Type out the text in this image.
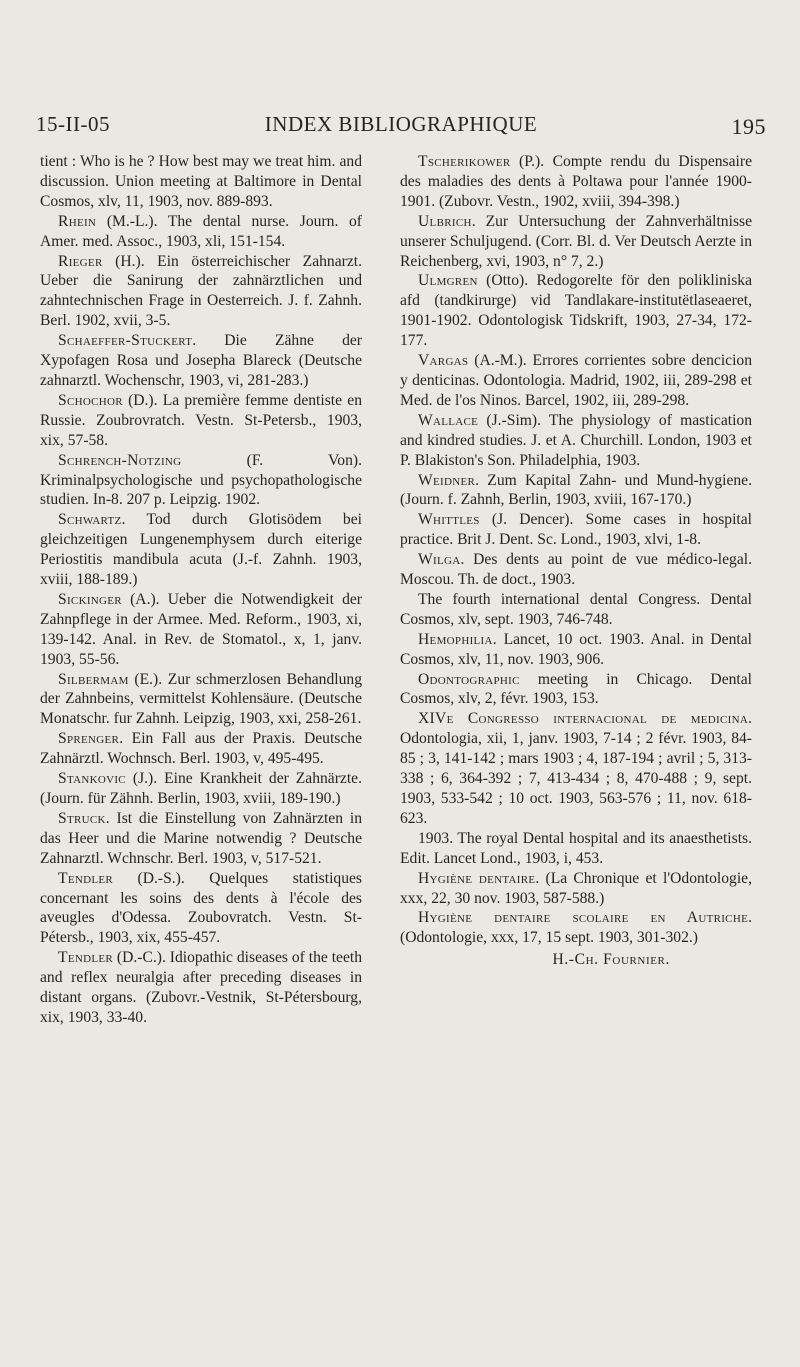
15-II-05	INDEX BIBLIOGRAPHIQUE	195

tient : Who is he ? How best may we treat him. and discussion. Union meeting at Baltimore in Dental Cosmos, xlv, 11, 1903, nov. 889-893.

Rhein (M.-L.). The dental nurse. Journ. of Amer. med. Assoc., 1903, xli, 151-154.

Rieger (H.). Ein österreichischer Zahnarzt. Ueber die Sanirung der zahnärztlichen und zahntechnischen Frage in Oesterreich. J. f. Zahnh. Berl. 1902, xvii, 3-5.

Schaeffer-Stuckert. Die Zähne der Xypofagen Rosa und Josepha Blareck (Deutsche zahnarztl. Wochenschr, 1903, vi, 281-283.)

Schochor (D.). La première femme dentiste en Russie. Zoubrovratch. Vestn. St-Petersb., 1903, xix, 57-58.

Schrench-Notzing (F. Von). Kriminalpsychologische und psychopathologische studien. In-8. 207 p. Leipzig. 1902.

Schwartz. Tod durch Glotisödem bei gleichzeitigen Lungenemphysem durch eiterige Periostitis mandibula acuta (J.-f. Zahnh. 1903, xviii, 188-189.)

Sickinger (A.). Ueber die Notwendigkeit der Zahnpflege in der Armee. Med. Reform., 1903, xi, 139-142. Anal. in Rev. de Stomatol., x, 1, janv. 1903, 55-56.

Silbermam (E.). Zur schmerzlosen Behandlung der Zahnbeins, vermittelst Kohlensäure. (Deutsche Monatschr. fur Zahnh. Leipzig, 1903, xxi, 258-261.

Sprenger. Ein Fall aus der Praxis. Deutsche Zahnärztl. Wochnsch. Berl. 1903, v, 495-495.

Stankovic (J.). Eine Krankheit der Zahnärzte. (Journ. für Zähnh. Berlin, 1903, xviii, 189-190.)

Struck. Ist die Einstellung von Zahnärzten in das Heer und die Marine notwendig ? Deutsche Zahnarztl. Wchnschr. Berl. 1903, v, 517-521.

Tendler (D.-S.). Quelques statistiques concernant les soins des dents à l'école des aveugles d'Odessa. Zoubovratch. Vestn. St-Pétersb., 1903, xix, 455-457.

Tendler (D.-C.). Idiopathic diseases of the teeth and reflex neuralgia after preceding diseases in distant organs. (Zubovr.-Vestnik, St-Pétersbourg, xix, 1903, 33-40.

Tscherikower (P.). Compte rendu du Dispensaire des maladies des dents à Poltawa pour l'année 1900-1901. (Zubovr. Vestn., 1902, xviii, 394-398.)

Ulbrich. Zur Untersuchung der Zahnverhältnisse unserer Schuljugend. (Corr. Bl. d. Ver Deutsch Aerzte in Reichenberg, xvi, 1903, n° 7, 2.)

Ulmgren (Otto). Redogorelte för den polikliniska afd (tandkirurge) vid Tandlakare-institutëtlaseaeret, 1901-1902. Odontologisk Tidskrift, 1903, 27-34, 172-177.

Vargas (A.-M.). Errores corrientes sobre dencicion y denticinas. Odontologia. Madrid, 1902, iii, 289-298 et Med. de l'os Ninos. Barcel, 1902, iii, 289-298.

Wallace (J.-Sim). The physiology of mastication and kindred studies. J. et A. Churchill. London, 1903 et P. Blakiston's Son. Philadelphia, 1903.

Weidner. Zum Kapital Zahn- und Mund-hygiene. (Journ. f. Zahnh, Berlin, 1903, xviii, 167-170.)

Whittles (J. Dencer). Some cases in hospital practice. Brit J. Dent. Sc. Lond., 1903, xlvi, 1-8.

Wilga. Des dents au point de vue médico-legal. Moscou. Th. de doct., 1903.

The fourth international dental Congress. Dental Cosmos, xlv, sept. 1903, 746-748.

Hemophilia. Lancet, 10 oct. 1903. Anal. in Dental Cosmos, xlv, 11, nov. 1903, 906.

Odontographic meeting in Chicago. Dental Cosmos, xlv, 2, févr. 1903, 153.

XIVe Congresso internacional de medicina. Odontologia, xii, 1, janv. 1903, 7-14 ; 2 févr. 1903, 84-85 ; 3, 141-142 ; mars 1903 ; 4, 187-194 ; avril ; 5, 313-338 ; 6, 364-392 ; 7, 413-434 ; 8, 470-488 ; 9, sept. 1903, 533-542 ; 10 oct. 1903, 563-576 ; 11, nov. 618-623.

1903. The royal Dental hospital and its anaesthetists. Edit. Lancet Lond., 1903, i, 453.

Hygiène dentaire. (La Chronique et l'Odontologie, xxx, 22, 30 nov. 1903, 587-588.)

Hygiène dentaire scolaire en Autriche. (Odontologie, xxx, 17, 15 sept. 1903, 301-302.)

H.-Ch. Fournier.
